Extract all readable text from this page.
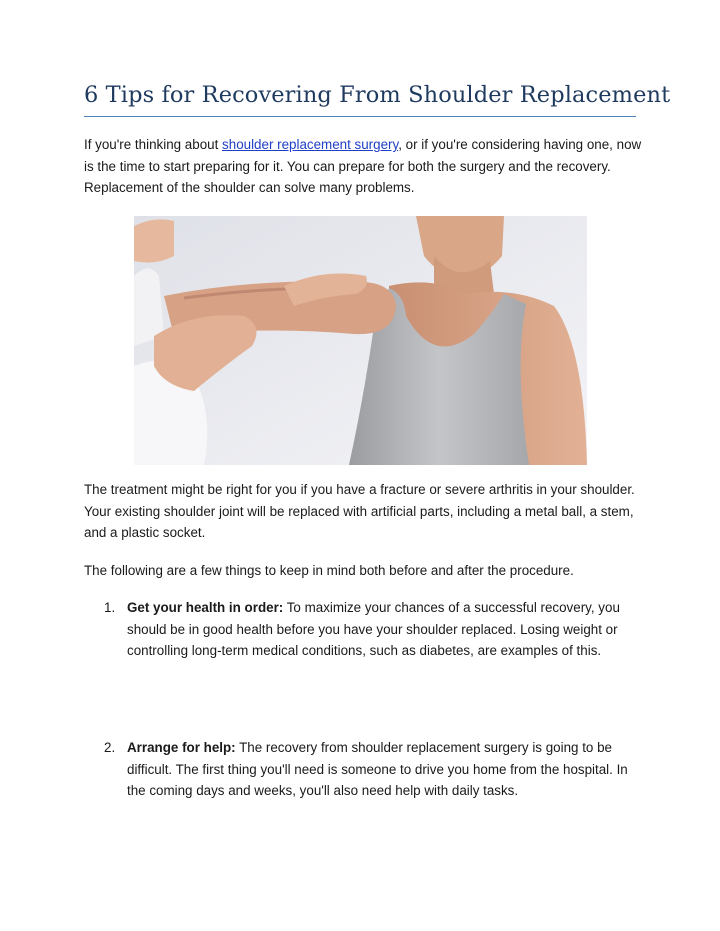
6 Tips for Recovering From Shoulder Replacement

If you're thinking about shoulder replacement surgery, or if you're considering having one, now is the time to start preparing for it. You can prepare for both the surgery and the recovery. Replacement of the shoulder can solve many problems.

The treatment might be right for you if you have a fracture or severe arthritis in your shoulder. Your existing shoulder joint will be replaced with artificial parts, including a metal ball, a stem, and a plastic socket.

The following are a few things to keep in mind both before and after the procedure.

1. Get your health in order: To maximize your chances of a successful recovery, you should be in good health before you have your shoulder replaced. Losing weight or controlling long-term medical conditions, such as diabetes, are examples of this.

2. Arrange for help: The recovery from shoulder replacement surgery is going to be difficult. The first thing you'll need is someone to drive you home from the hospital. In the coming days and weeks, you'll also need help with daily tasks.
